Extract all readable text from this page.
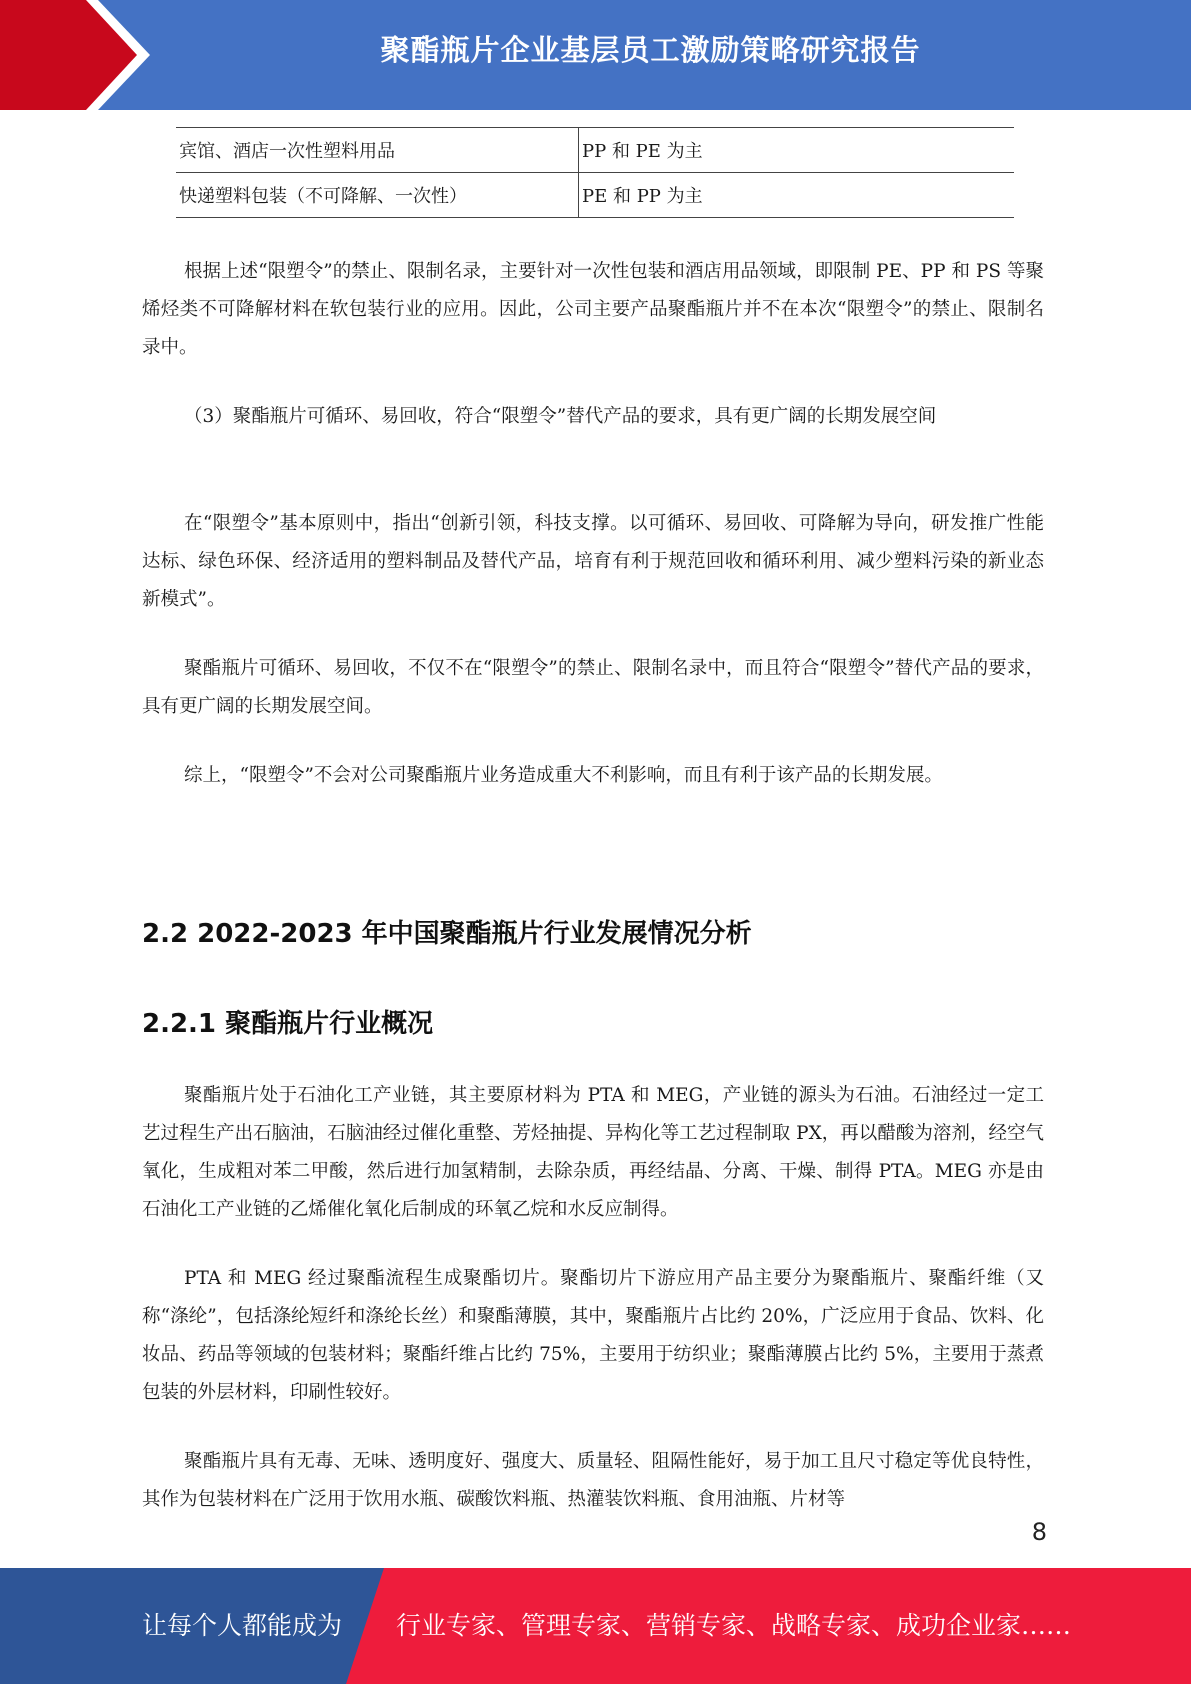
聚酯瓶片企业基层员工激励策略研究报告
宾馆、酒店一次性塑料用品	PP 和 PE 为主
快递塑料包装（不可降解、一次性）	PE 和 PP 为主

根据上述“限塑令”的禁止、限制名录，主要针对一次性包装和酒店用品领域，即限制 PE、PP 和 PS 等聚烯烃类不可降解材料在软包装行业的应用。因此，公司主要产品聚酯瓶片并不在本次“限塑令”的禁止、限制名录中。

（3）聚酯瓶片可循环、易回收，符合“限塑令”替代产品的要求，具有更广阔的长期发展空间

在“限塑令”基本原则中，指出“创新引领，科技支撑。以可循环、易回收、可降解为导向，研发推广性能达标、绿色环保、经济适用的塑料制品及替代产品，培育有利于规范回收和循环利用、减少塑料污染的新业态新模式”。

聚酯瓶片可循环、易回收，不仅不在“限塑令”的禁止、限制名录中，而且符合“限塑令”替代产品的要求，具有更广阔的长期发展空间。

综上，“限塑令”不会对公司聚酯瓶片业务造成重大不利影响，而且有利于该产品的长期发展。

2.2 2022-2023 年中国聚酯瓶片行业发展情况分析
2.2.1 聚酯瓶片行业概况

聚酯瓶片处于石油化工产业链，其主要原材料为 PTA 和 MEG，产业链的源头为石油。石油经过一定工艺过程生产出石脑油，石脑油经过催化重整、芳烃抽提、异构化等工艺过程制取 PX，再以醋酸为溶剂，经空气氧化，生成粗对苯二甲酸，然后进行加氢精制，去除杂质，再经结晶、分离、干燥、制得 PTA。MEG 亦是由石油化工产业链的乙烯催化氧化后制成的环氧乙烷和水反应制得。

PTA 和 MEG 经过聚酯流程生成聚酯切片。聚酯切片下游应用产品主要分为聚酯瓶片、聚酯纤维（又称“涤纶”，包括涤纶短纤和涤纶长丝）和聚酯薄膜，其中，聚酯瓶片占比约 20%，广泛应用于食品、饮料、化妆品、药品等领域的包装材料；聚酯纤维占比约 75%，主要用于纺织业；聚酯薄膜占比约 5%，主要用于蒸煮包装的外层材料，印刷性较好。

聚酯瓶片具有无毒、无味、透明度好、强度大、质量轻、阻隔性能好，易于加工且尺寸稳定等优良特性，其作为包装材料在广泛用于饮用水瓶、碳酸饮料瓶、热灌装饮料瓶、食用油瓶、片材等

8
让每个人都能成为 行业专家、管理专家、营销专家、战略专家、成功企业家……
